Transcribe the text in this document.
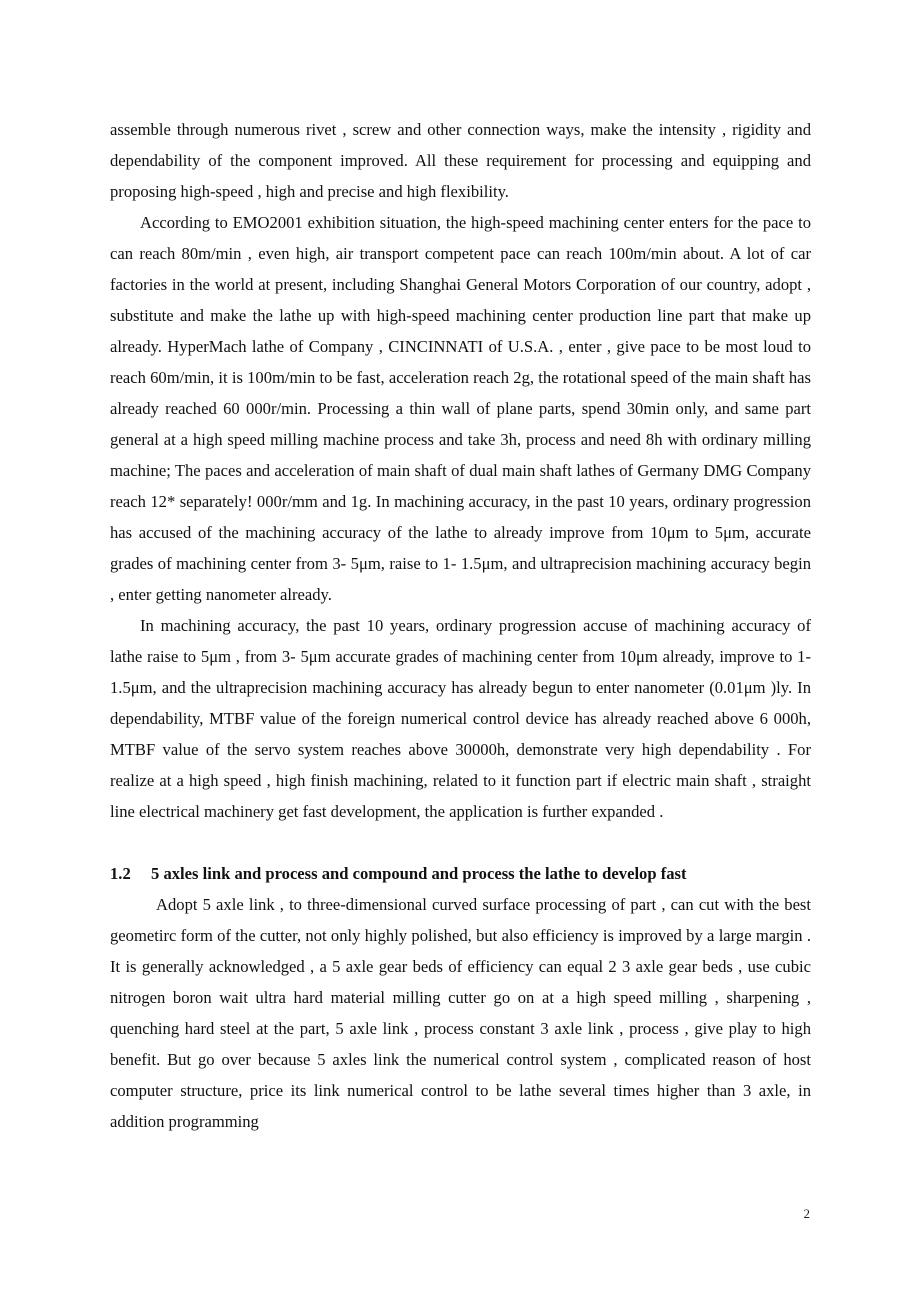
assemble through numerous rivet , screw and other connection ways, make the intensity , rigidity and dependability of the component improved. All these requirement for processing and equipping and proposing high-speed , high and precise and high flexibility.

According to EMO2001 exhibition situation, the high-speed machining center enters for the pace to can reach 80m/min , even high, air transport competent pace can reach 100m/min about. A lot of car factories in the world at present, including Shanghai General Motors Corporation of our country, adopt , substitute and make the lathe up with high-speed machining center production line part that make up already. HyperMach lathe of Company , CINCINNATI of U.S.A. , enter , give pace to be most loud to reach 60m/min, it is 100m/min to be fast, acceleration reach 2g, the rotational speed of the main shaft has already reached 60 000r/min. Processing a thin wall of plane parts, spend 30min only, and same part general at a high speed milling machine process and take 3h, process and need 8h with ordinary milling machine; The paces and acceleration of main shaft of dual main shaft lathes of Germany DMG Company reach 12* separately! 000r/mm and 1g. In machining accuracy, in the past 10 years, ordinary progression has accused of the machining accuracy of the lathe to already improve from 10μm to 5μm, accurate grades of machining center from 3- 5μm, raise to 1- 1.5μm, and ultraprecision machining accuracy begin , enter getting nanometer already.

In machining accuracy, the past 10 years, ordinary progression accuse of machining accuracy of lathe raise to 5μm , from 3- 5μm accurate grades of machining center from 10μm already, improve to 1- 1.5μm, and the ultraprecision machining accuracy has already begun to enter nanometer (0.01μm )ly. In dependability, MTBF value of the foreign numerical control device has already reached above 6 000h, MTBF value of the servo system reaches above 30000h, demonstrate very high dependability . For realize at a high speed , high finish machining, related to it function part if electric main shaft , straight line electrical machinery get fast development, the application is further expanded .

1.2	5 axles link and process and compound and process the lathe to develop fast

Adopt 5 axle link , to three-dimensional curved surface processing of part , can cut with the best geometirc form of the cutter, not only highly polished, but also efficiency is improved by a large margin . It is generally acknowledged , a 5 axle gear beds of efficiency can equal 2 3 axle gear beds , use cubic nitrogen boron wait ultra hard material milling cutter go on at a high speed milling , sharpening , quenching hard steel at the part, 5 axle link , process constant 3 axle link , process , give play to high benefit. But go over because 5 axles link the numerical control system , complicated reason of host computer structure, price its link numerical control to be lathe several times higher than 3 axle, in addition programming

2
